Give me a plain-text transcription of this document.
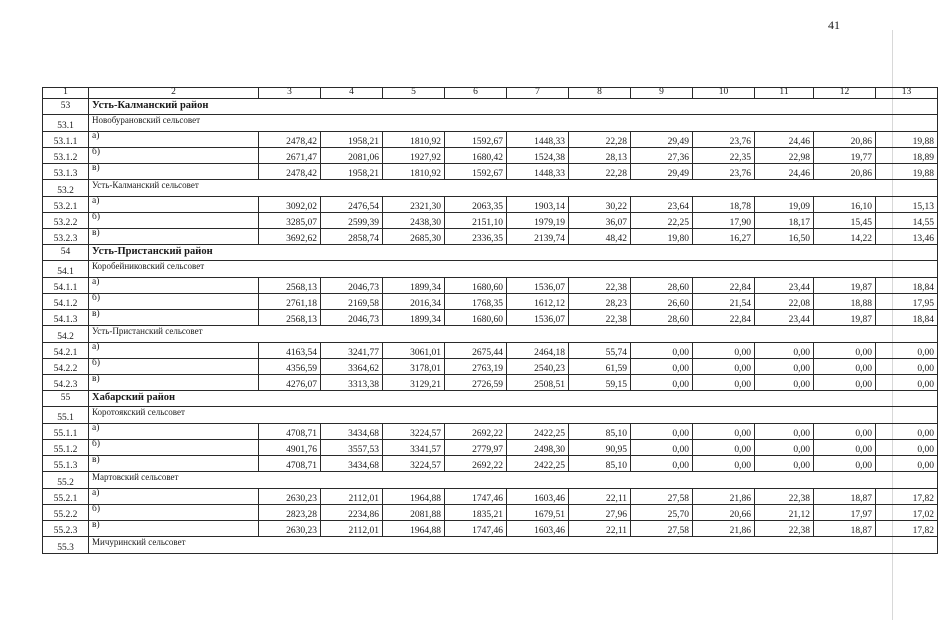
41
1	2	3	4	5	6	7	8	9	10	11	12	13
53	Усть-Калманский район											
53.1	Новобурановский сельсовет											
53.1.1	а)	2478,42	1958,21	1810,92	1592,67	1448,33	22,28	29,49	23,76	24,46	20,86	19,88
53.1.2	б)	2671,47	2081,06	1927,92	1680,42	1524,38	28,13	27,36	22,35	22,98	19,77	18,89
53.1.3	в)	2478,42	1958,21	1810,92	1592,67	1448,33	22,28	29,49	23,76	24,46	20,86	19,88
53.2	Усть-Калманский сельсовет											
53.2.1	а)	3092,02	2476,54	2321,30	2063,35	1903,14	30,22	23,64	18,78	19,09	16,10	15,13
53.2.2	б)	3285,07	2599,39	2438,30	2151,10	1979,19	36,07	22,25	17,90	18,17	15,45	14,55
53.2.3	в)	3692,62	2858,74	2685,30	2336,35	2139,74	48,42	19,80	16,27	16,50	14,22	13,46
54	Усть-Пристанский район											
54.1	Коробейниковский сельсовет											
54.1.1	а)	2568,13	2046,73	1899,34	1680,60	1536,07	22,38	28,60	22,84	23,44	19,87	18,84
54.1.2	б)	2761,18	2169,58	2016,34	1768,35	1612,12	28,23	26,60	21,54	22,08	18,88	17,95
54.1.3	в)	2568,13	2046,73	1899,34	1680,60	1536,07	22,38	28,60	22,84	23,44	19,87	18,84
54.2	Усть-Пристанский сельсовет											
54.2.1	а)	4163,54	3241,77	3061,01	2675,44	2464,18	55,74	0,00	0,00	0,00	0,00	0,00
54.2.2	б)	4356,59	3364,62	3178,01	2763,19	2540,23	61,59	0,00	0,00	0,00	0,00	0,00
54.2.3	в)	4276,07	3313,38	3129,21	2726,59	2508,51	59,15	0,00	0,00	0,00	0,00	0,00
55	Хабарский район											
55.1	Коротоякский сельсовет											
55.1.1	а)	4708,71	3434,68	3224,57	2692,22	2422,25	85,10	0,00	0,00	0,00	0,00	0,00
55.1.2	б)	4901,76	3557,53	3341,57	2779,97	2498,30	90,95	0,00	0,00	0,00	0,00	0,00
55.1.3	в)	4708,71	3434,68	3224,57	2692,22	2422,25	85,10	0,00	0,00	0,00	0,00	0,00
55.2	Мартовский сельсовет											
55.2.1	а)	2630,23	2112,01	1964,88	1747,46	1603,46	22,11	27,58	21,86	22,38	18,87	17,82
55.2.2	б)	2823,28	2234,86	2081,88	1835,21	1679,51	27,96	25,70	20,66	21,12	17,97	17,02
55.2.3	в)	2630,23	2112,01	1964,88	1747,46	1603,46	22,11	27,58	21,86	22,38	18,87	17,82
55.3	Мичуринский сельсовет											
